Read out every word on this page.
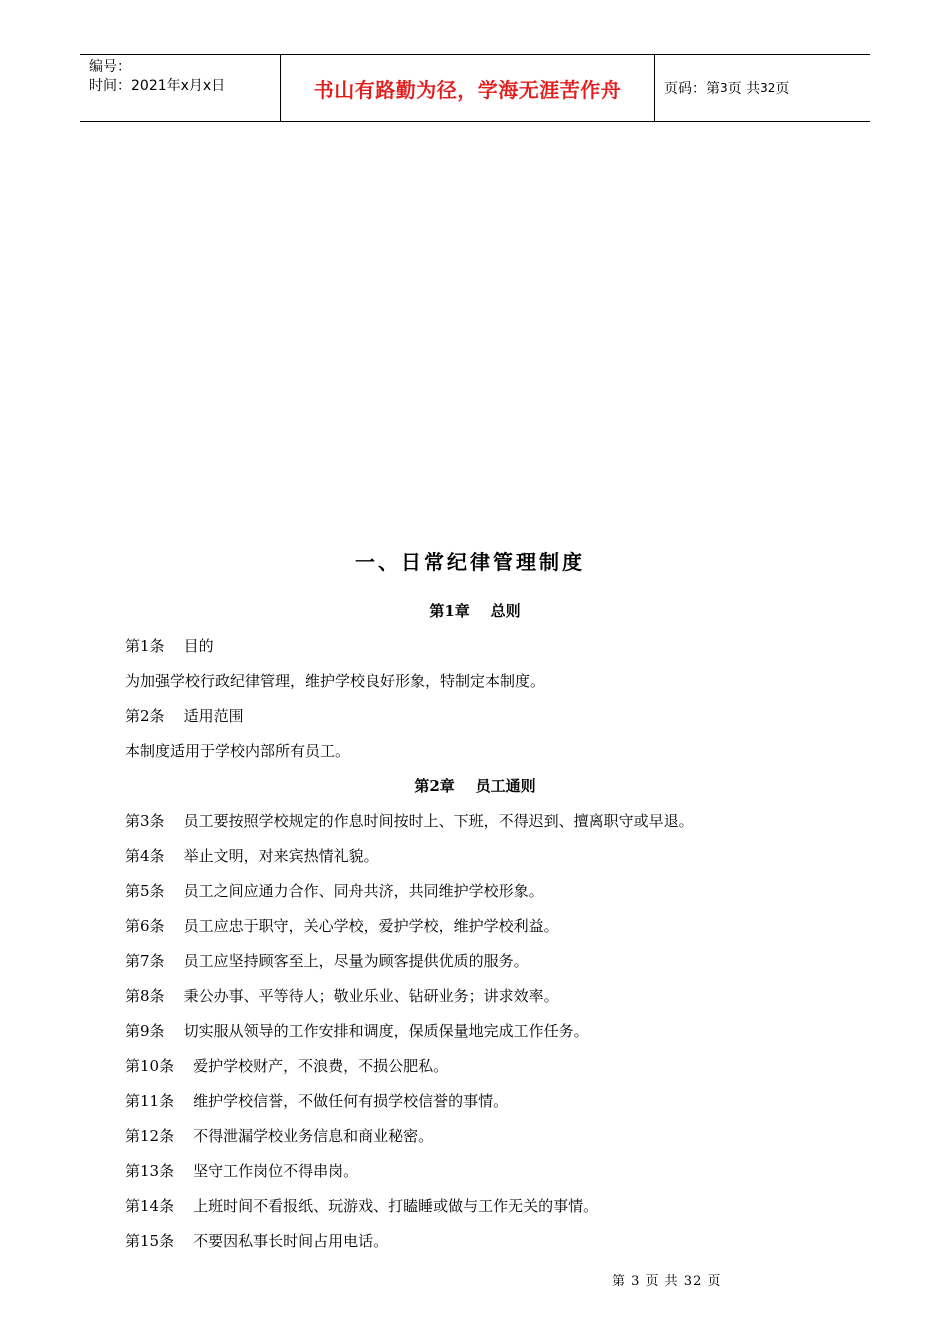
编号：
时间：2021年x月x日	书山有路勤为径，学海无涯苦作舟	页码：第 3 页 共 32 页
一、日常纪律管理制度
第1章    总则
第2章    员工通则
第1条    目的
为加强学校行政纪律管理，维护学校良好形象，特制定本制度。
第2条    适用范围
本制度适用于学校内部所有员工。
第3条    员工要按照学校规定的作息时间按时上、下班，不得迟到、擅离职守或早退。
第4条    举止文明，对来宾热情礼貌。
第5条    员工之间应通力合作、同舟共济，共同维护学校形象。
第6条    员工应忠于职守，关心学校，爱护学校，维护学校利益。
第7条    员工应坚持顾客至上，尽量为顾客提供优质的服务。
第8条    秉公办事、平等待人；敬业乐业、钻研业务；讲求效率。
第9条    切实服从领导的工作安排和调度，保质保量地完成工作任务。
第10条    爱护学校财产，不浪费，不损公肥私。
第11条    维护学校信誉，不做任何有损学校信誉的事情。
第12条    不得泄漏学校业务信息和商业秘密。
第13条    坚守工作岗位不得串岗。
第14条    上班时间不看报纸、玩游戏、打瞌睡或做与工作无关的事情。
第15条    不要因私事长时间占用电话。
第 3 页 共 32 页
